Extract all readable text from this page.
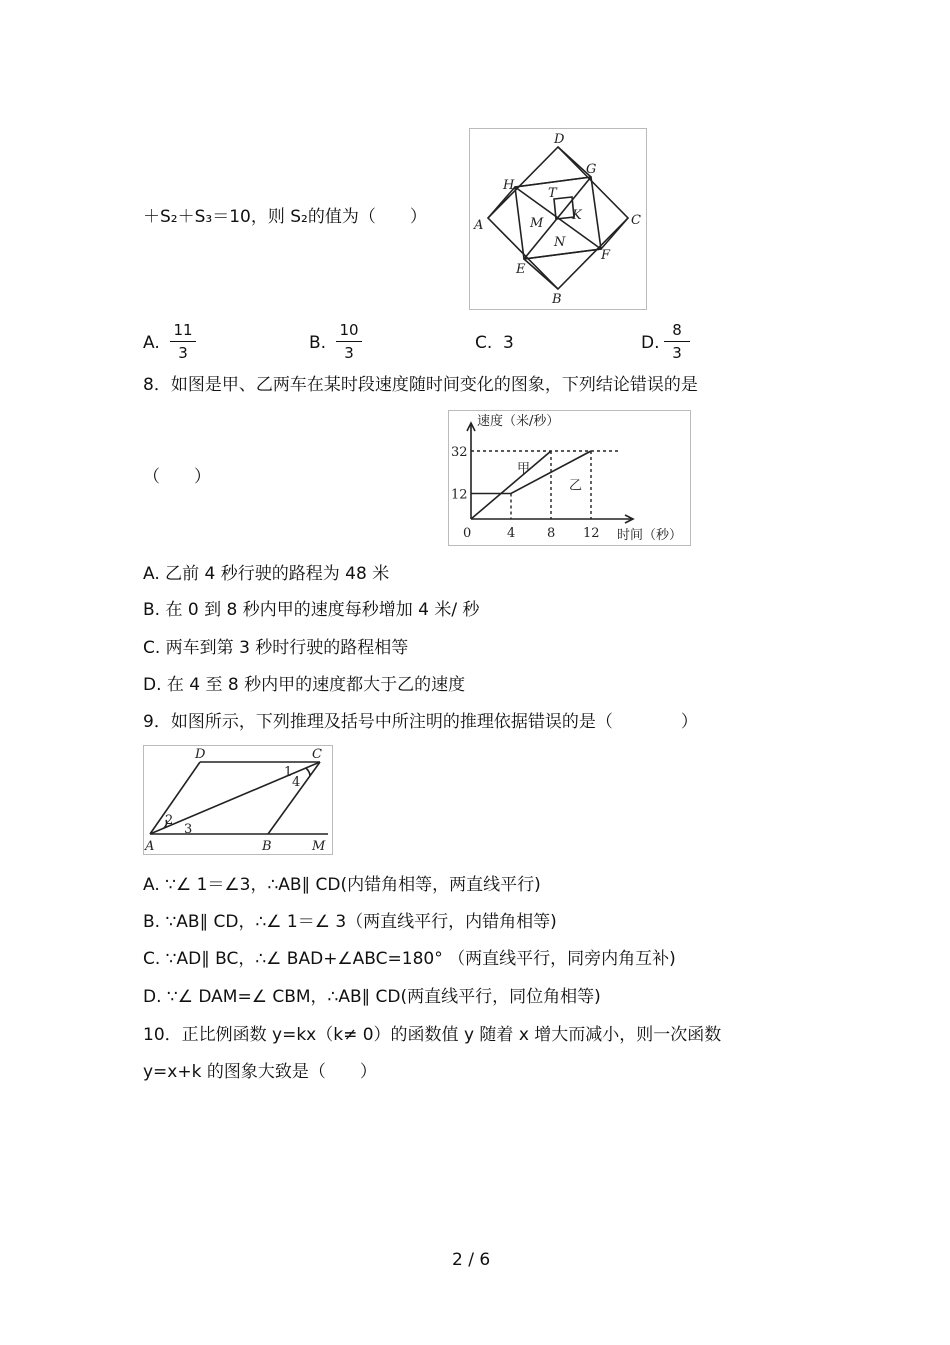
＋S₂＋S₃＝10，则 S₂的值为（　　）
D
G
H
T
A	M
K	C
N
E
F
B
A.
11
3	B.
10
3	C. 3	D.
8
3
8．如图是甲、乙两车在某时段速度随时间变化的图象，下列结论错误的是
（　　）
速度（米/秒）
时间（秒）
甲
乙
0	4 8 12
12
32
A. 乙前 4 秒行驶的路程为 48 米
B. 在 0 到 8 秒内甲的速度每秒增加 4 米/ 秒
C. 两车到第 3 秒时行驶的路程相等
D. 在 4 至 8 秒内甲的速度都大于乙的速度
9．如图所示，下列推理及括号中所注明的推理依据错误的是（　　　　）
D	C
1
4
2
3
A	B	M
A. ∵∠ 1＝∠3，∴AB∥ CD(内错角相等，两直线平行)
B. ∵AB∥ CD，∴∠ 1＝∠ 3（两直线平行，内错角相等)
C. ∵AD∥ BC，∴∠ BAD+∠ABC=180° （两直线平行，同旁内角互补)
D. ∵∠ DAM=∠ CBM，∴AB∥ CD(两直线平行，同位角相等)
10．正比例函数 y=kx（k≠ 0）的函数值 y 随着 x 增大而减小，则一次函数
y=x+k 的图象大致是（　　）
2 / 6
